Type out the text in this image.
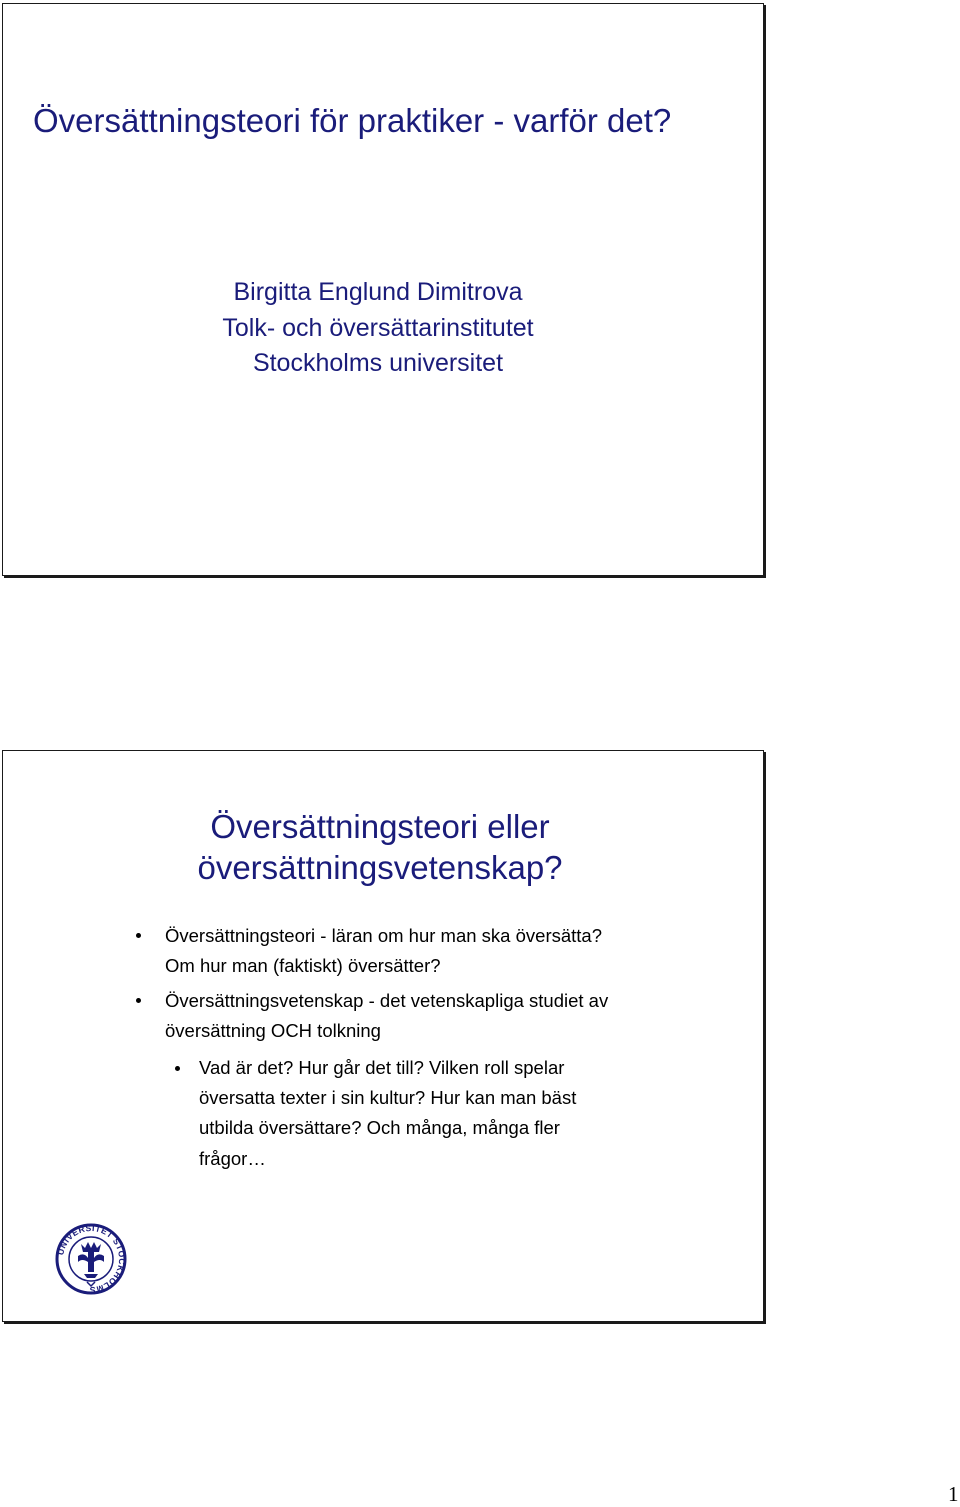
Översättningsteori för praktiker - varför det?
Birgitta Englund Dimitrova
Tolk- och översättarinstitutet
Stockholms universitet
Översättningsteori eller
översättningsvetenskap?
Översättningsteori - läran om hur man ska översätta?
Om hur man (faktiskt) översätter?
Översättningsvetenskap - det vetenskapliga studiet av
översättning OCH tolkning
Vad är det? Hur går det till? Vilken roll spelar
översatta texter i sin kultur? Hur kan man bäst
utbilda översättare? Och många, många fler
frågor…
UNIVERSITET STOCKHOLMS
1
